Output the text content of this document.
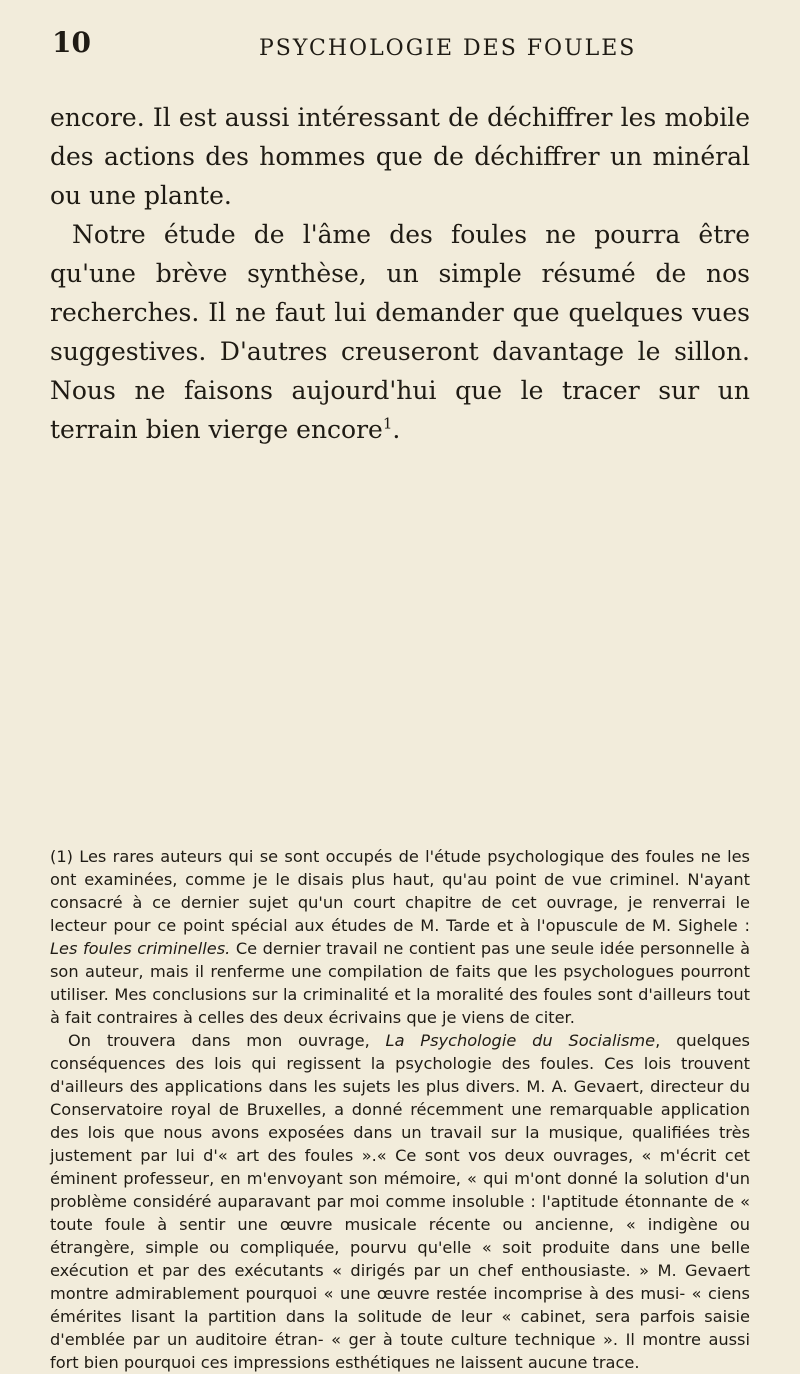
10	PSYCHOLOGIE DES FOULES

encore. Il est aussi intéressant de déchiffrer les mobile des actions des hommes que de déchiffrer un minéral ou une plante.

Notre étude de l'âme des foules ne pourra être qu'une brève synthèse, un simple résumé de nos recherches. Il ne faut lui demander que quelques vues suggestives. D'autres creuseront davantage le sillon. Nous ne faisons aujourd'hui que le tracer sur un terrain bien vierge encore$^1$.

(1) Les rares auteurs qui se sont occupés de l'étude psychologique des foules ne les ont examinées, comme je le disais plus haut, qu'au point de vue criminel. N'ayant consacré à ce dernier sujet qu'un court chapitre de cet ouvrage, je renverrai le lecteur pour ce point spécial aux études de M. Tarde et à l'opuscule de M. Sighele : Les foules criminelles. Ce dernier travail ne contient pas une seule idée personnelle à son auteur, mais il renferme une compilation de faits que les psychologues pourront utiliser. Mes conclusions sur la criminalité et la moralité des foules sont d'ailleurs tout à fait contraires à celles des deux écrivains que je viens de citer.

On trouvera dans mon ouvrage, La Psychologie du Socialisme, quelques conséquences des lois qui regissent la psychologie des foules. Ces lois trouvent d'ailleurs des applications dans les sujets les plus divers. M. A. Gevaert, directeur du Conservatoire royal de Bruxelles, a donné récemment une remarquable application des lois que nous avons exposées dans un travail sur la musique, qualifiées très justement par lui d'« art des foules ».« Ce sont vos deux ouvrages, « m'écrit cet éminent professeur, en m'envoyant son mémoire, « qui m'ont donné la solution d'un problème considéré auparavant par moi comme insoluble : l'aptitude étonnante de « toute foule à sentir une œuvre musicale récente ou ancienne, « indigène ou étrangère, simple ou compliquée, pourvu qu'elle « soit produite dans une belle exécution et par des exécutants « dirigés par un chef enthousiaste. » M. Gevaert montre admirablement pourquoi « une œuvre restée incomprise à des musi- « ciens émérites lisant la partition dans la solitude de leur « cabinet, sera parfois saisie d'emblée par un auditoire étran- « ger à toute culture technique ». Il montre aussi fort bien pourquoi ces impressions esthétiques ne laissent aucune trace.
